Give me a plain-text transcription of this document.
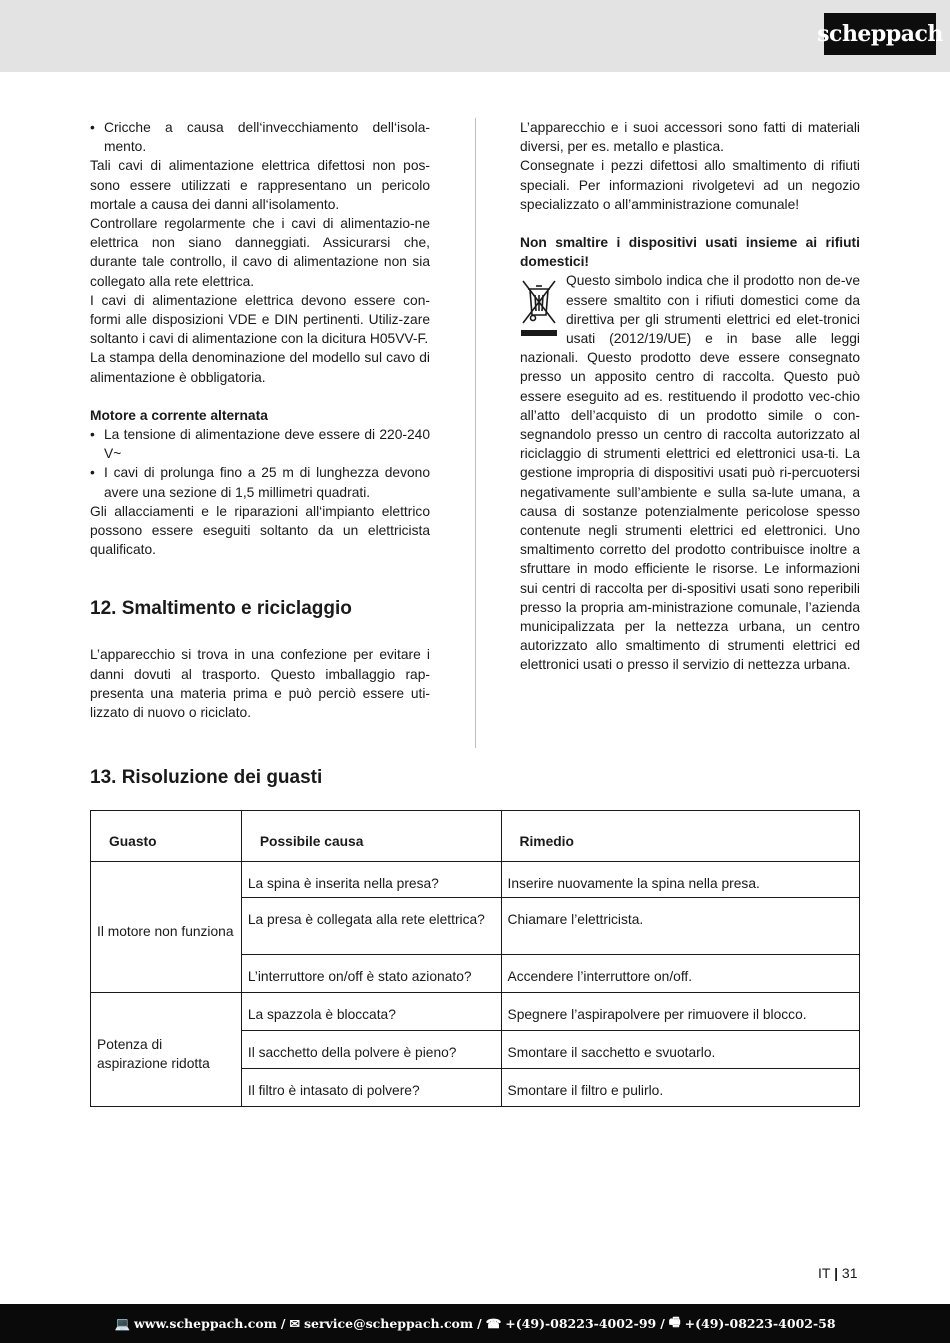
scheppach

• Cricche a causa dell‘invecchiamento dell‘isola-mento.

Tali cavi di alimentazione elettrica difettosi non pos-sono essere utilizzati e rappresentano un pericolo mortale a causa dei danni all‘isolamento.

Controllare regolarmente che i cavi di alimentazio-ne elettrica non siano danneggiati. Assicurarsi che, durante tale controllo, il cavo di alimentazione non sia collegato alla rete elettrica.

I cavi di alimentazione elettrica devono essere con-formi alle disposizioni VDE e DIN pertinenti. Utiliz-zare soltanto i cavi di alimentazione con la dicitura H05VV-F.

La stampa della denominazione del modello sul cavo di alimentazione è obbligatoria.

Motore a corrente alternata

• La tensione di alimentazione deve essere di 220-240 V~

• I cavi di prolunga fino a 25 m di lunghezza devono avere una sezione di 1,5 millimetri quadrati.

Gli allacciamenti e le riparazioni all‘impianto elettrico possono essere eseguiti soltanto da un elettricista qualificato.

12. Smaltimento e riciclaggio

L’apparecchio si trova in una confezione per evitare i danni dovuti al trasporto. Questo imballaggio rap-presenta una materia prima e può perciò essere uti-lizzato di nuovo o riciclato.

L’apparecchio e i suoi accessori sono fatti di materiali diversi, per es. metallo e plastica.

Consegnate i pezzi difettosi allo smaltimento di rifiuti speciali. Per informazioni rivolgetevi ad un negozio specializzato o all’amministrazione comunale!

Non smaltire i dispositivi usati insieme ai rifiuti domestici!

Questo simbolo indica che il prodotto non de-ve essere smaltito con i rifiuti domestici come da direttiva per gli strumenti elettrici ed elet-tronici usati (2012/19/UE) e in base alle leggi nazionali. Questo prodotto deve essere consegnato presso un apposito centro di raccolta. Questo può essere eseguito ad es. restituendo il prodotto vec-chio all’atto dell’acquisto di un prodotto simile o con-segnandolo presso un centro di raccolta autorizzato al riciclaggio di strumenti elettrici ed elettronici usa-ti. La gestione impropria di dispositivi usati può ri-percuotersi negativamente sull’ambiente e sulla sa-lute umana, a causa di sostanze potenzialmente pericolose spesso contenute negli strumenti elettrici ed elettronici. Uno smaltimento corretto del prodotto contribuisce inoltre a sfruttare in modo efficiente le risorse. Le informazioni sui centri di raccolta per di-spositivi usati sono reperibili presso la propria am-ministrazione comunale, l’azienda municipalizzata per la nettezza urbana, un centro autorizzato allo smaltimento di strumenti elettrici ed elettronici usati o presso il servizio di nettezza urbana.

13. Risoluzione dei guasti
Guasto	Possibile causa	Rimedio
Il motore non funziona	La spina è inserita nella presa?	Inserire nuovamente la spina nella presa.
	La presa è collegata alla rete elettrica?	Chiamare l’elettricista.
	L’interruttore on/off è stato azionato?	Accendere l’interruttore on/off.
Potenza di aspirazione ridotta	La spazzola è bloccata?	Spegnere l’aspirapolvere per rimuovere il blocco.
	Il sacchetto della polvere è pieno?	Smontare il sacchetto e svuotarlo.
	Il filtro è intasato di polvere?	Smontare il filtro e pulirlo.
IT | 31
💻 www.scheppach.com / ✉ service@scheppach.com / ☎ +(49)-08223-4002-99 / 🖷 +(49)-08223-4002-58
